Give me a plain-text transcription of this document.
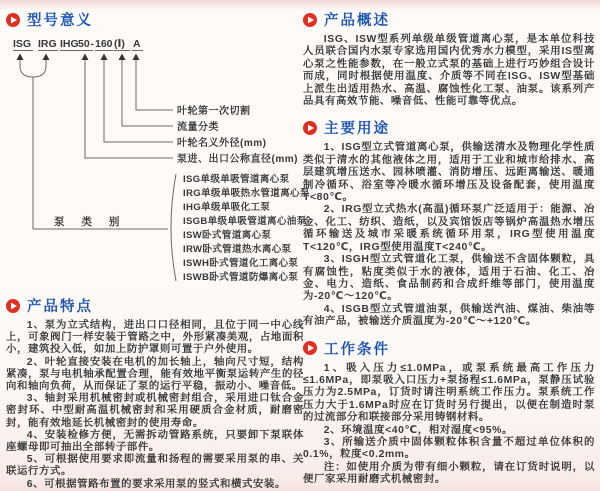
型号意义
ISG IRG IHG 50 - 160 (Ⅰ) A
叶轮第一次切割
流量分类
叶轮名义外径(mm)
泵进、出口公称直径(mm)
泵 类 别
ISG单级单吸管道离心泵
IRG单级单吸热水管道离心泵
IHG单级单吸化工泵
ISGB单级单吸管道离心油泵
ISW卧式管道离心泵
IRW卧式管道热水离心泵
ISWH卧式管道化工离心泵
ISWB卧式管道防爆离心泵
产品特点

1、泵为立式结构，进出口口径相同，且位于同一中心线上，可象阀门一样安装于管路之中，外形紧凑美观，占地面积小，建筑投入低，如加上防护罩则可置于户外使用。

2、叶轮直接安装在电机的加长轴上，轴向尺寸短，结构紧凑，泵与电机轴承配置合理，能有效地平衡泵运转产生的径向和轴向负荷，从而保证了泵的运行平稳，振动小、噪音低。

3、轴封采用机械密封或机械密封组合，采用进口钛合金密封环、中型耐高温机械密封和采用硬质合金材质，耐磨密封，能有效地延长机械密封的使用寿命。

4、安装检修方便，无需拆动管路系统，只要卸下泵联体座螺母即可抽出全部转子部件。

5、可根据使用要求即流量和扬程的需要采用泵的串、关联运行方式。

6、可根据管路布置的要求采用泵的竖式和横式安装。

产品概述

ISG、ISW型系列单级单级管道离心泵，是本单位科技人员联合国内水泵专家选用国内优秀水力模型，采用IS型离心泵之性能参数，在一般立式泵的基础上进行巧妙组合设计而成，同时根据使用温度、介质等不同在ISG、ISW型基础上派生出适用热水、高温、腐蚀性化工泵、油泵。该系列产品具有高效节能、噪音低、性能可靠等优点。

主要用途

1、ISG型立式管道离心泵，供输送清水及物理化学性质类似于清水的其他液体之用，适用于工业和城市给排水、高层建筑增压送水、园林喷灌、消防增压、远距离输送、暖通制冷循环、浴室等冷暖水循环增压及设备配套，使用温度T<80℃。

2、IRG型立式热水(高温)循环泵广泛适用于：能源、冶金、化工、纺织、造纸，以及宾馆饭店等锅炉高温热水增压循环输送及城市采暖系统循环用泵，IRG型使用温度T<120℃，IRG型使用温度T<240℃。

3、ISGH型立式管道化工泵，供输送不含固体颗粒，具有腐蚀性，粘度类似于水的液体，适用于石油、化工、冶金、电力、造纸、食品制药和合成纤维等部门，使用温度为-20℃～120℃。

4、ISGB型立式管道油泵，供输送汽油、煤油、柴油等有油产品，被输送介质温度为-20℃～+120℃。

工作条件

1、吸入压力≤1.0MPa，或泵系统最高工作压力≤1.6MPa，即泵吸入口压力+泵扬程≤1.6MPa，泵静压试验压力为2.5MPa，订货时请注明系统工作压力。泵系统工作压力大于1.6MPa时应在订货时另行提出，以便在制造时泵的过流部分和联接部分采用铸钢材料。

2、环境温度<40℃，相对湿度<95%。

3、所输送介质中固体颗粒体积含量不超过单位体积的0.1%，粒度<0.2mm。

注：如使用介质为带有细小颗粒，请在订货时说明，以便厂家采用耐磨式机械密封。
